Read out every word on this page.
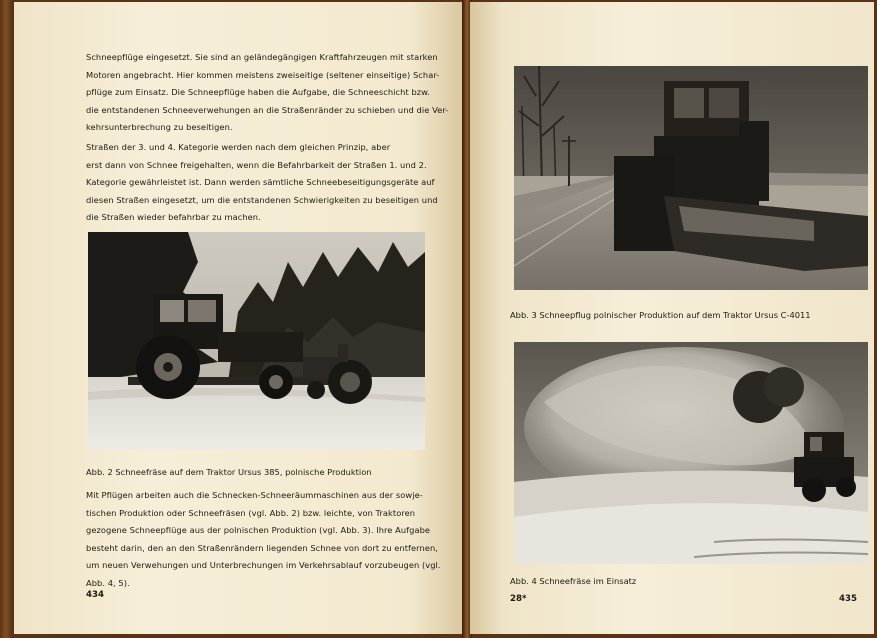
Schneepflüge eingesetzt. Sie sind an geländegängigen Kraftfahrzeugen mit starken
Motoren angebracht. Hier kommen meistens zweiseitige (seltener einseitige) Schar-
pflüge zum Einsatz. Die Schneepflüge haben die Aufgabe, die Schneeschicht bzw.
die entstandenen Schneeverwehungen an die Straßenränder zu schieben und die Ver-
kehrsunterbrechung zu beseitigen.
Straßen der 3. und 4. Kategorie werden nach dem gleichen Prinzip, aber
erst dann von Schnee freigehalten, wenn die Befahrbarkeit der Straßen 1. und 2.
Kategorie gewährleistet ist. Dann werden sämtliche Schneebeseitigungsgeräte auf
diesen Straßen eingesetzt, um die entstandenen Schwierigkeiten zu beseitigen und
die Straßen wieder befahrbar zu machen.

Abb. 2 Schneefräse auf dem Traktor Ursus 385, polnische Produktion

Mit Pflügen arbeiten auch die Schnecken-Schneeräummaschinen aus der sowje-
tischen Produktion oder Schneefräsen (vgl. Abb. 2) bzw. leichte, von Traktoren
gezogene Schneepflüge aus der polnischen Produktion (vgl. Abb. 3). Ihre Aufgabe
besteht darin, den an den Straßenrändern liegenden Schnee von dort zu entfernen,
um neuen Verwehungen und Unterbrechungen im Verkehrsablauf vorzubeugen (vgl.
Abb. 4, 5).
434

Abb. 3 Schneepflug polnischer Produktion auf dem Traktor Ursus C-4011

Abb. 4 Schneefräse im Einsatz

28*	435
